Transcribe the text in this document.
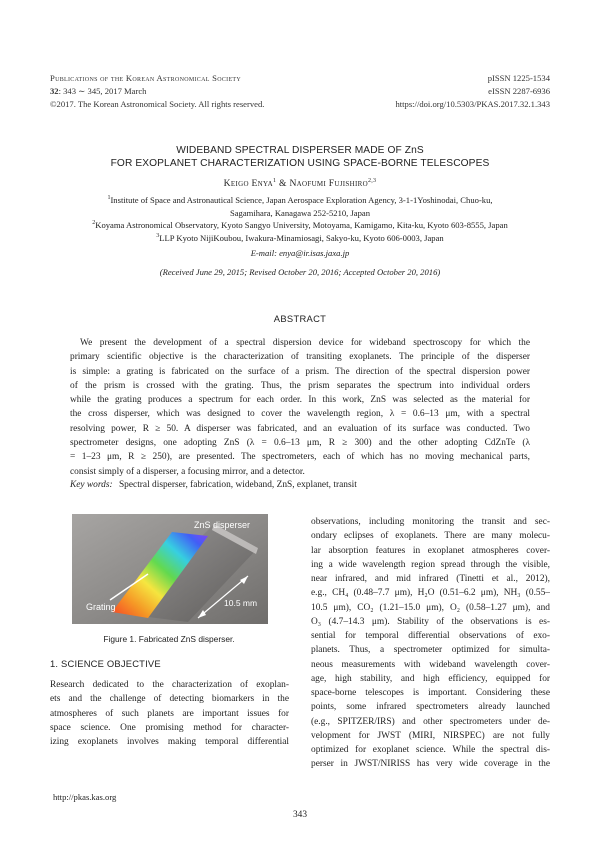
Publications of the Korean Astronomical Society
32: 343 ∼ 345, 2017 March
©2017. The Korean Astronomical Society. All rights reserved.
pISSN 1225-1534
eISSN 2287-6936
https://doi.org/10.5303/PKAS.2017.32.1.343
WIDEBAND SPECTRAL DISPERSER MADE OF ZnS
FOR EXOPLANET CHARACTERIZATION USING SPACE-BORNE TELESCOPES
Keigo Enya$^1$ & Naofumi Fujishiro$^{2,3}$
$^1$Institute of Space and Astronautical Science, Japan Aerospace Exploration Agency, 3-1-1Yoshinodai, Chuo-ku,
Sagamihara, Kanagawa 252-5210, Japan
$^2$Koyama Astronomical Observatory, Kyoto Sangyo University, Motoyama, Kamigamo, Kita-ku, Kyoto 603-8555, Japan
$^3$LLP Kyoto NijiKoubou, Iwakura-Minamiosagi, Sakyo-ku, Kyoto 606-0003, Japan
E-mail: enya@ir.isas.jaxa.jp
(Received June 29, 2015; Revised October 20, 2016; Accepted October 20, 2016)
ABSTRACT
We present the development of a spectral dispersion device for wideband spectroscopy for which the
primary scientific objective is the characterization of transiting exoplanets. The principle of the disperser
is simple: a grating is fabricated on the surface of a prism. The direction of the spectral dispersion power
of the prism is crossed with the grating. Thus, the prism separates the spectrum into individual orders
while the grating produces a spectrum for each order. In this work, ZnS was selected as the material for
the cross disperser, which was designed to cover the wavelength region, λ = 0.6–13 μm, with a spectral
resolving power, R ≥ 50. A disperser was fabricated, and an evaluation of its surface was conducted. Two
spectrometer designs, one adopting ZnS (λ = 0.6–13 μm, R ≥ 300) and the other adopting CdZnTe (λ
= 1–23 μm, R ≥ 250), are presented. The spectrometers, each of which has no moving mechanical parts,
consist simply of a disperser, a focusing mirror, and a detector.
Key words: Spectral disperser, fabrication, wideband, ZnS, explanet, transit
ZnS disperser
Grating	10.5 mm
Figure 1. Fabricated ZnS disperser.
1. SCIENCE OBJECTIVE
Research dedicated to the characterization of exoplan-
ets and the challenge of detecting biomarkers in the
atmospheres of such planets are important issues for
space science. One promising method for character-
izing exoplanets involves making temporal differential
http://pkas.kas.org
observations, including monitoring the transit and sec-
ondary eclipses of exoplanets. There are many molecu-
lar absorption features in exoplanet atmospheres cover-
ing a wide wavelength region spread through the visible,
near infrared, and mid infrared (Tinetti et al., 2012),
e.g., CH₄ (0.48–7.7 μm), H₂O (0.51–6.2 μm), NH₃ (0.55–
10.5 μm), CO₂ (1.21–15.0 μm), O₂ (0.58–1.27 μm), and
O₃ (4.7–14.3 μm). Stability of the observations is es-
sential for temporal differential observations of exo-
planets. Thus, a spectrometer optimized for simulta-
neous measurements with wideband wavelength cover-
age, high stability, and high efficiency, equipped for
space-borne telescopes is important. Considering these
points, some infrared spectrometers already launched
(e.g., SPITZER/IRS) and other spectrometers under de-
velopment for JWST (MIRI, NIRSPEC) are not fully
optimized for exoplanet science. While the spectral dis-
perser in JWST/NIRISS has very wide coverage in the
343
